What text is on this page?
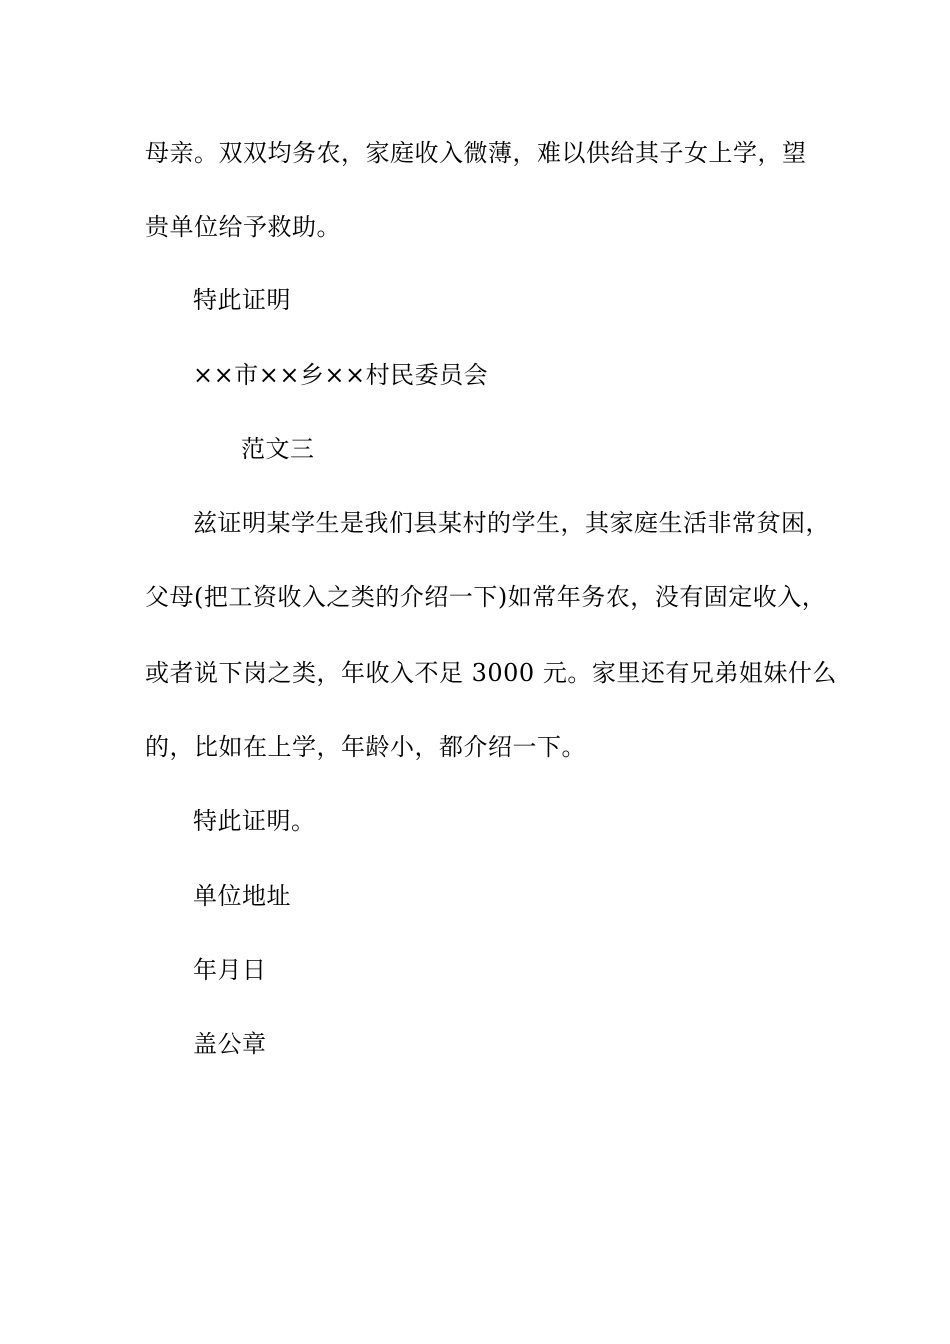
母亲。双双均务农，家庭收入微薄，难以供给其子女上学，望
贵单位给予救助。
特此证明
××市××乡××村民委员会
范文三
兹证明某学生是我们县某村的学生，其家庭生活非常贫困，
父母(把工资收入之类的介绍一下)如常年务农，没有固定收入，
或者说下岗之类，年收入不足 3000 元。家里还有兄弟姐妹什么
的，比如在上学，年龄小，都介绍一下。
特此证明。
单位地址
年月日
盖公章
